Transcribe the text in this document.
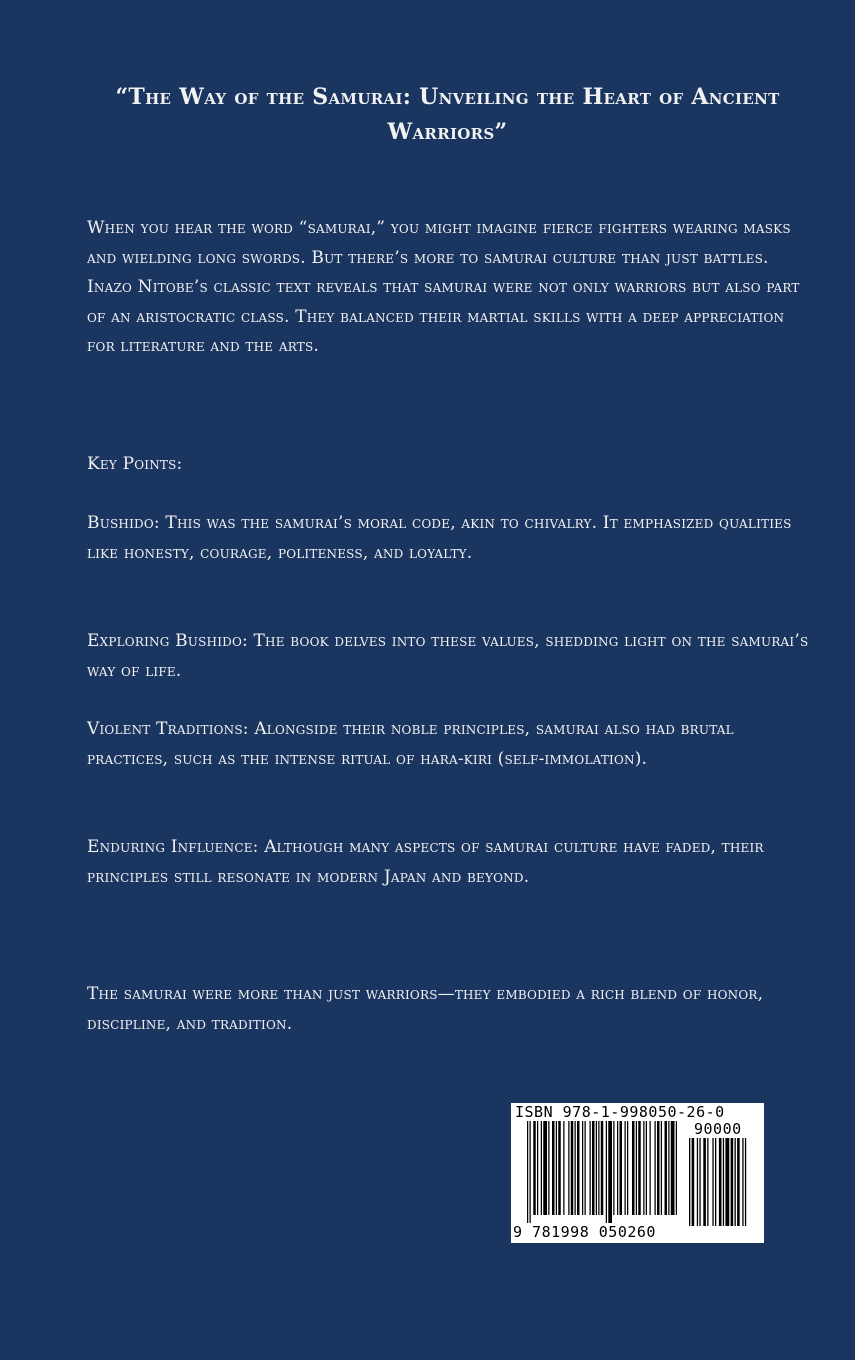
“The Way of the Samurai: Unveiling the Heart of Ancient Warriors”
When you hear the word “samurai,” you might imagine fierce fighters wearing masks and wielding long swords. But there’s more to samurai culture than just battles. Inazo Nitobe’s classic text reveals that samurai were not only warriors but also part of an aristocratic class. They balanced their martial skills with a deep appreciation for literature and the arts.
Key Points:
Bushido: This was the samurai’s moral code, akin to chivalry. It emphasized qualities like honesty, courage, politeness, and loyalty.
Exploring Bushido: The book delves into these values, shedding light on the samurai’s way of life.
Violent Traditions: Alongside their noble principles, samurai also had brutal practices, such as the intense ritual of hara-kiri (self-immolation).
Enduring Influence: Although many aspects of samurai culture have faded, their principles still resonate in modern Japan and beyond.
The samurai were more than just warriors—they embodied a rich blend of honor, discipline, and tradition.
ISBN 978-1-998050-26-0
90000
9 781998 050260
